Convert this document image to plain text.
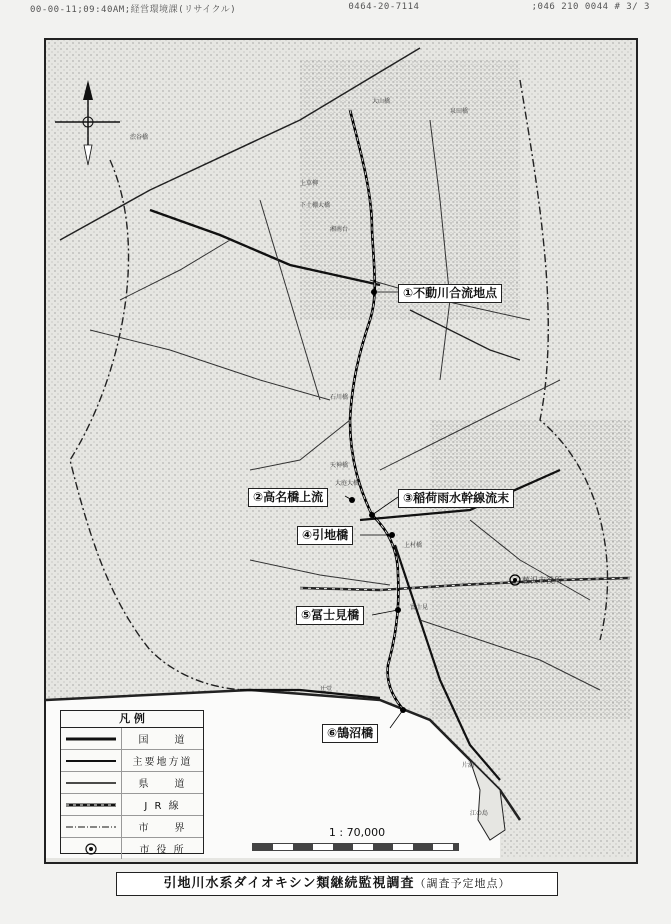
00-00-11;09:40AM;経営環境課(リサイクル)	0464-20-7114	;046 210 0044 # 3/ 3
渋谷橋
上草柳
大山橋
泉田橋
下土棚大橋
湘南台
石川橋
天神橋
大庭大橋
上村橋
富士見
江の島
片瀬
辻堂
①不動川合流地点
②高名橋上流	③稲荷雨水幹線流末
④引地橋
⑤冨士見橋
⑥鵠沼橋
藤沢市役所
凡 例
国　　道
主要地方道
県　　道
J R 線
市　　界
市 役 所
1 : 70,000
引地川水系ダイオキシン類継続監視調査（調査予定地点）
